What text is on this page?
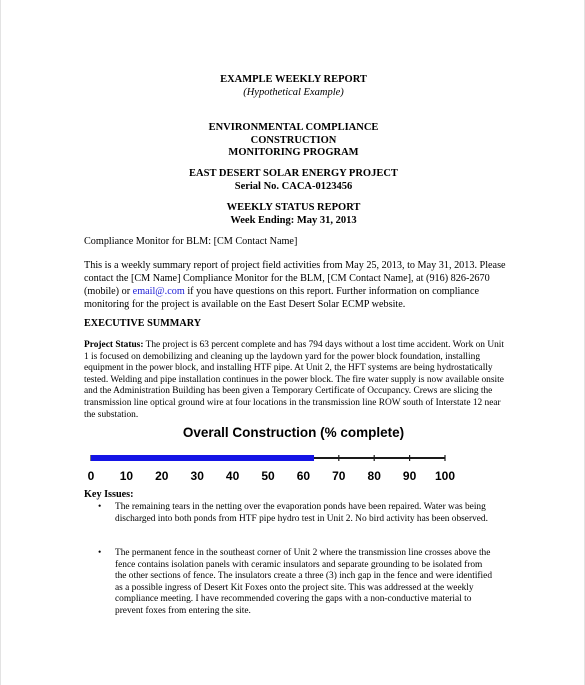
EXAMPLE WEEKLY REPORT
(Hypothetical Example)
ENVIRONMENTAL COMPLIANCE
CONSTRUCTION
MONITORING PROGRAM
EAST DESERT SOLAR ENERGY PROJECT
Serial No. CACA-0123456
WEEKLY STATUS REPORT
Week Ending: May 31, 2013
Compliance Monitor for BLM: [CM Contact Name]
This is a weekly summary report of project field activities from May 25, 2013, to May 31, 2013. Please contact the [CM Name] Compliance Monitor for the BLM, [CM Contact Name], at (916) 826-2670 (mobile) or email@.com if you have questions on this report. Further information on compliance monitoring for the project is available on the East Desert Solar ECMP website.
EXECUTIVE SUMMARY
Project Status: The project is 63 percent complete and has 794 days without a lost time accident. Work on Unit 1 is focused on demobilizing and cleaning up the laydown yard for the power block foundation, installing equipment in the power block, and installing HTF pipe. At Unit 2, the HFT systems are being hydrostatically tested. Welding and pipe installation continues in the power block. The fire water supply is now available onsite and the Administration Building has been given a Temporary Certificate of Occupancy. Crews are slicing the transmission line optical ground wire at four locations in the transmission line ROW south of Interstate 12 near the substation.
Overall Construction (% complete)
0 10 20 30 40 50 60 70 80 90 100
Key Issues:
• The remaining tears in the netting over the evaporation ponds have been repaired. Water was being discharged into both ponds from HTF pipe hydro test in Unit 2. No bird activity has been observed.
• The permanent fence in the southeast corner of Unit 2 where the transmission line crosses above the fence contains isolation panels with ceramic insulators and separate grounding to be isolated from the other sections of fence. The insulators create a three (3) inch gap in the fence and were identified as a possible ingress of Desert Kit Foxes onto the project site. This was addressed at the weekly compliance meeting. I have recommended covering the gaps with a non-conductive material to prevent foxes from entering the site.
